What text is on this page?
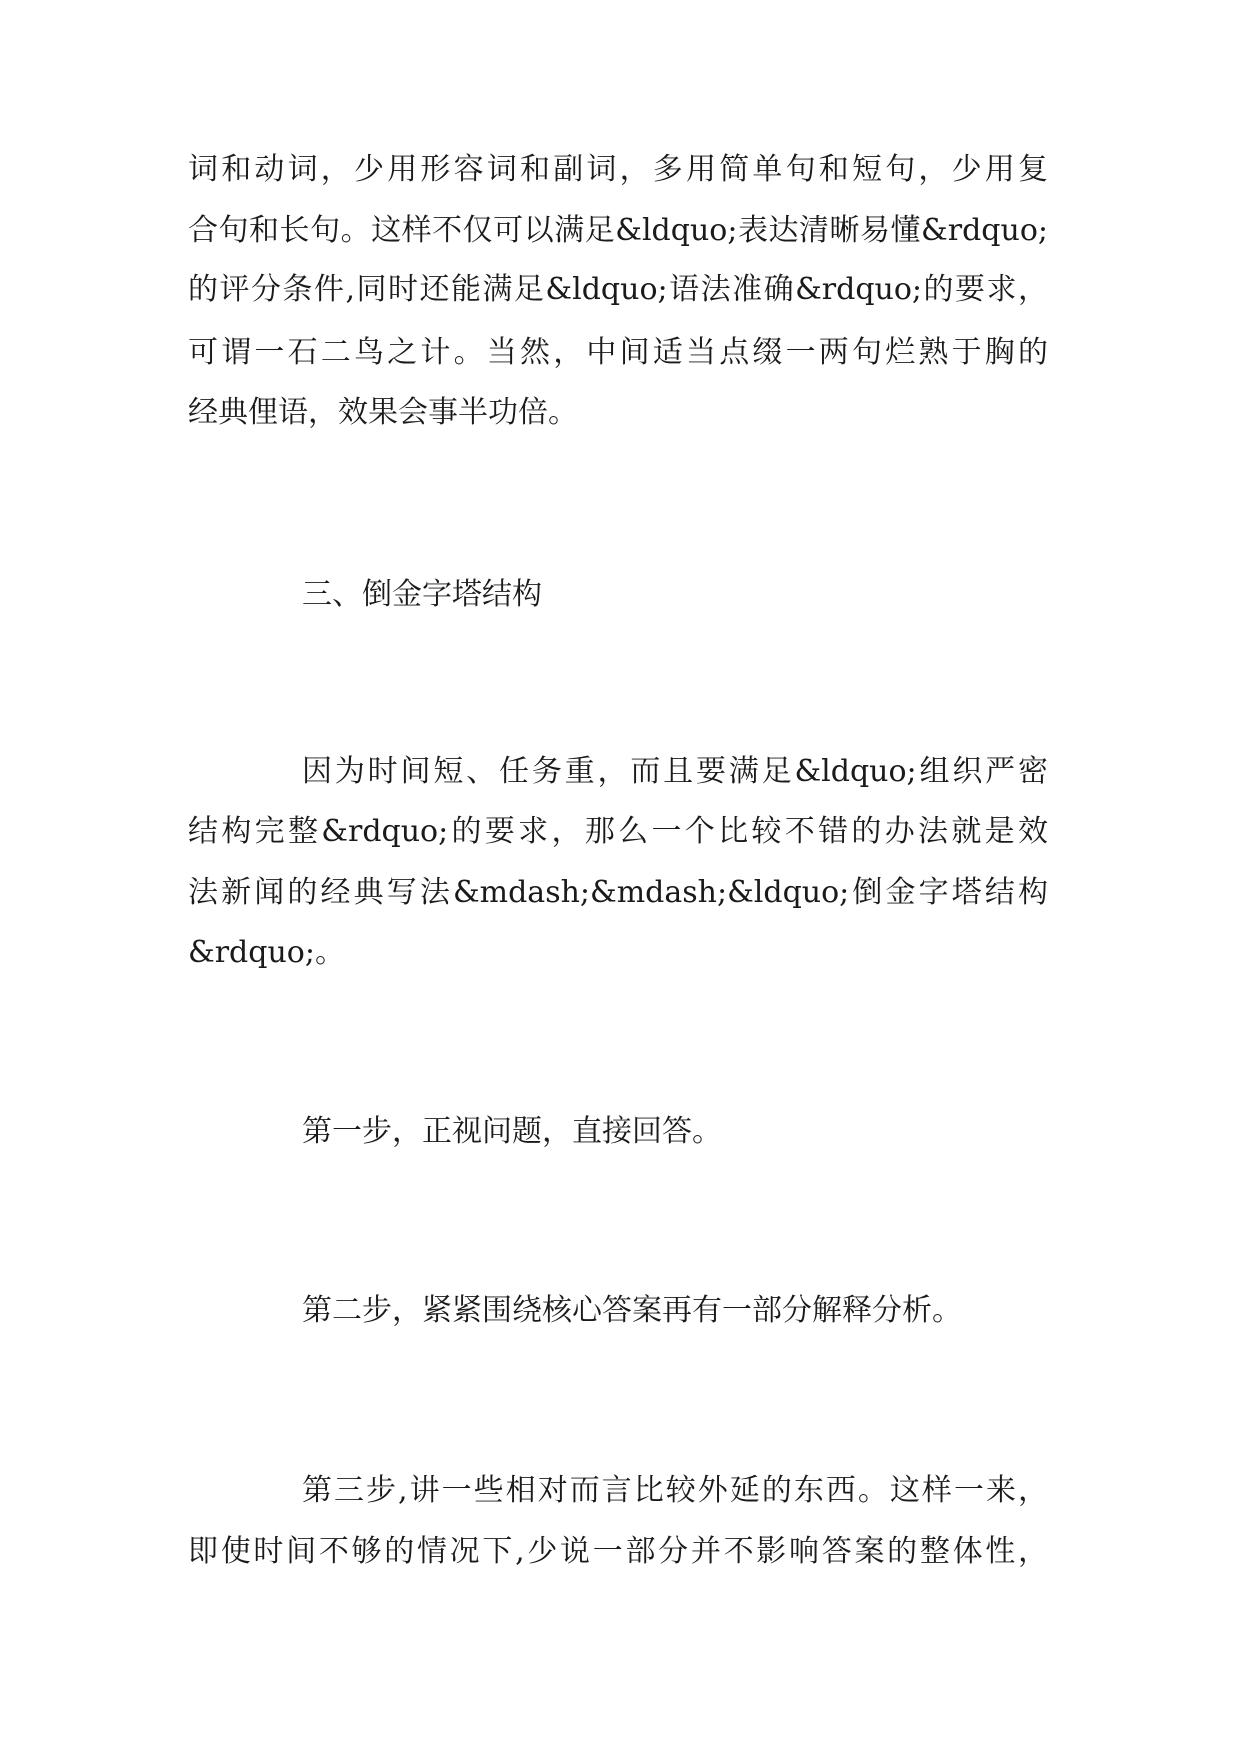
词和动词，少用形容词和副词，多用简单句和短句，少用复
合句和长句。这样不仅可以满足&ldquo;表达清晰易懂&rdquo;
的评分条件,同时还能满足&ldquo;语法准确&rdquo;的要求，
可谓一石二鸟之计。当然，中间适当点缀一两句烂熟于胸的
经典俚语，效果会事半功倍。
三、倒金字塔结构
因为时间短、任务重，而且要满足&ldquo;组织严密
结构完整&rdquo;的要求，那么一个比较不错的办法就是效
法新闻的经典写法&mdash;&mdash;&ldquo;倒金字塔结构
&rdquo;。
第一步，正视问题，直接回答。
第二步，紧紧围绕核心答案再有一部分解释分析。
第三步,讲一些相对而言比较外延的东西。这样一来，
即使时间不够的情况下,少说一部分并不影响答案的整体性，
